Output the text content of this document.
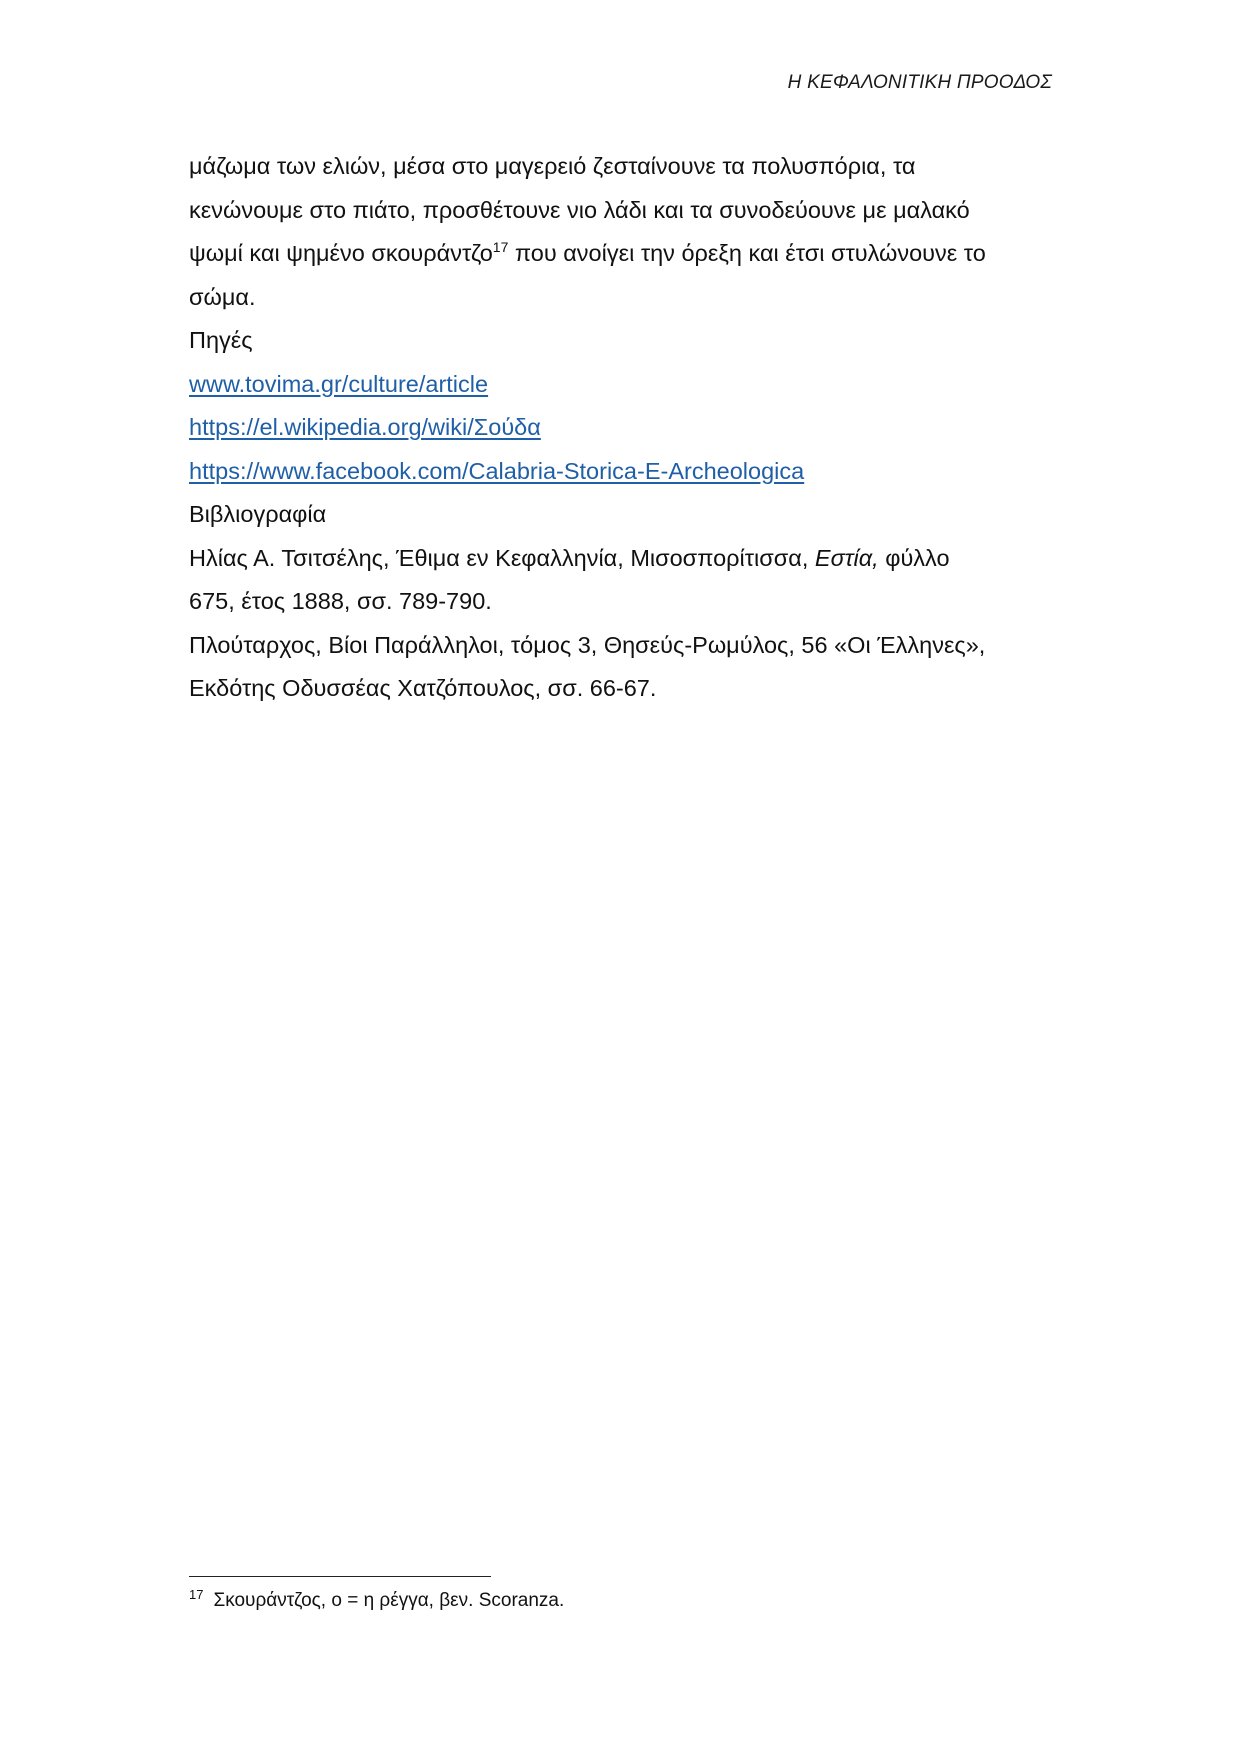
Η ΚΕΦΑΛΟΝΙΤΙΚΗ ΠΡΟΟΔΟΣ

μάζωμα των ελιών, μέσα στο μαγερειό ζεσταίνουνε τα πολυσπόρια, τα

κενώνουμε στο πιάτο, προσθέτουνε νιο λάδι και τα συνοδεύουνε με μαλακό

ψωμί και ψημένο σκουράντζο$^{17}$ που ανοίγει την όρεξη και έτσι στυλώνουνε το

σώμα.

Πηγές
www.tovima.gr/culture/article
https://el.wikipedia.org/wiki/Σούδα
https://www.facebook.com/Calabria-Storica-E-Archeologica
Βιβλιογραφία
Ηλίας Α. Τσιτσέλης, Έθιμα εν Κεφαλληνία, Μισοσπορίτισσα, Εστία, φύλλο
675, έτος 1888, σσ. 789-790.
Πλούταρχος, Βίοι Παράλληλοι, τόμος 3, Θησεύς-Ρωμύλος, 56 «Οι Έλληνες»,
Εκδότης Οδυσσέας Χατζόπουλος, σσ. 66-67.
$^{17}$ Σκουράντζος, ο = η ρέγγα, βεν. Scoranza.
